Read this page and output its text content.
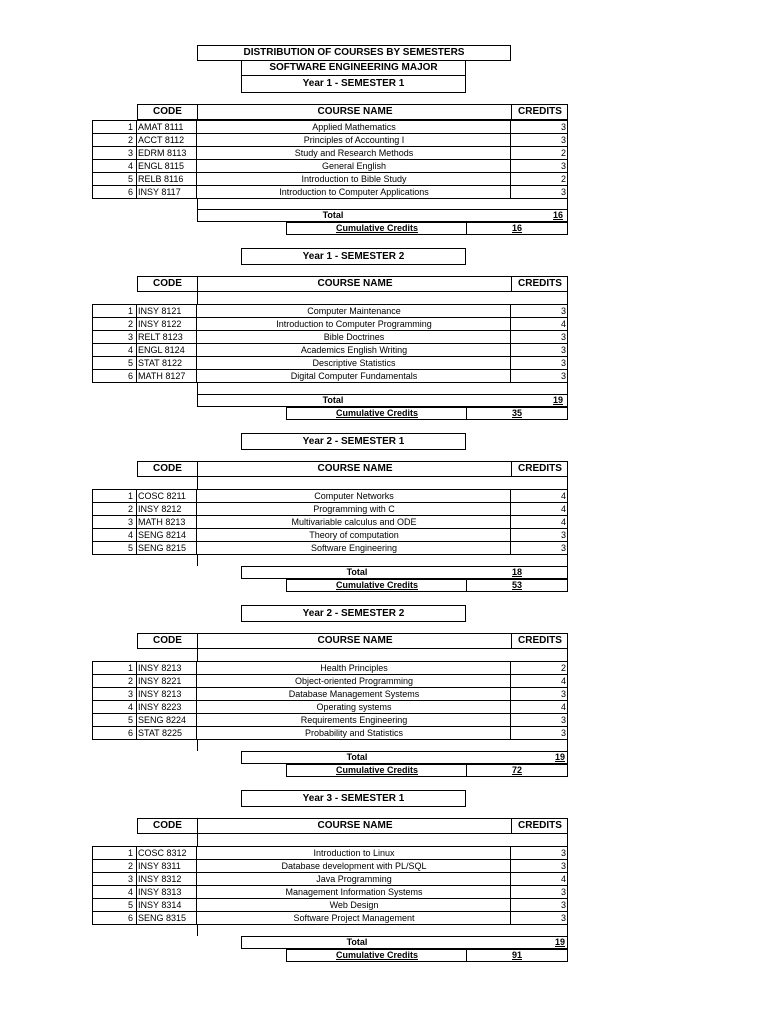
DISTRIBUTION OF COURSES BY SEMESTERS
SOFTWARE ENGINEERING MAJOR
Year 1 - SEMESTER 1
CODE	COURSE NAME	CREDITS
1 AMAT 8111	Applied Mathematics	3
2 ACCT 8112	Principles of Accounting I	3
3 EDRM 8113	Study and Research Methods	2
4 ENGL 8115	General English	3
5 RELB 8116	Introduction to Bible Study	2
6 INSY 8117	Introduction to Computer Applications	3
Total	16
Cumulative Credits	16
Year 1 - SEMESTER 2
CODE	COURSE NAME	CREDITS
1 INSY 8121	Computer Maintenance	3
2 INSY 8122	Introduction to Computer Programming	4
3 RELT 8123	Bible Doctrines	3
4 ENGL 8124	Academics English Writing	3
5 STAT 8122	Descriptive Statistics	3
6 MATH 8127	Digital Computer Fundamentals	3
Total	19
Cumulative Credits	35
Year 2 - SEMESTER 1
CODE	COURSE NAME	CREDITS
1 COSC 8211	Computer Networks	4
2 INSY 8212	Programming with C	4
3 MATH 8213	Multivariable calculus and ODE	4
4 SENG 8214	Theory of computation	3
5 SENG 8215	Software Engineering	3
Total	18
Cumulative Credits	53
Year 2 - SEMESTER 2
CODE	COURSE NAME	CREDITS
1 INSY 8213	Health Principles	2
2 INSY 8221	Object-oriented Programming	4
3 INSY 8213	Database Management Systems	3
4 INSY 8223	Operating systems	4
5 SENG 8224	Requirements Engineering	3
6 STAT 8225	Probability and Statistics	3
Total	19
Cumulative Credits	72
Year 3 - SEMESTER 1
CODE	COURSE NAME	CREDITS
1 COSC 8312	Introduction to Linux	3
2 INSY 8311	Database development with PL/SQL	3
3 INSY 8312	Java Programming	4
4 INSY 8313	Management Information Systems	3
5 INSY 8314	Web Design	3
6 SENG 8315	Software Project Management	3
Total	19
Cumulative Credits	91
